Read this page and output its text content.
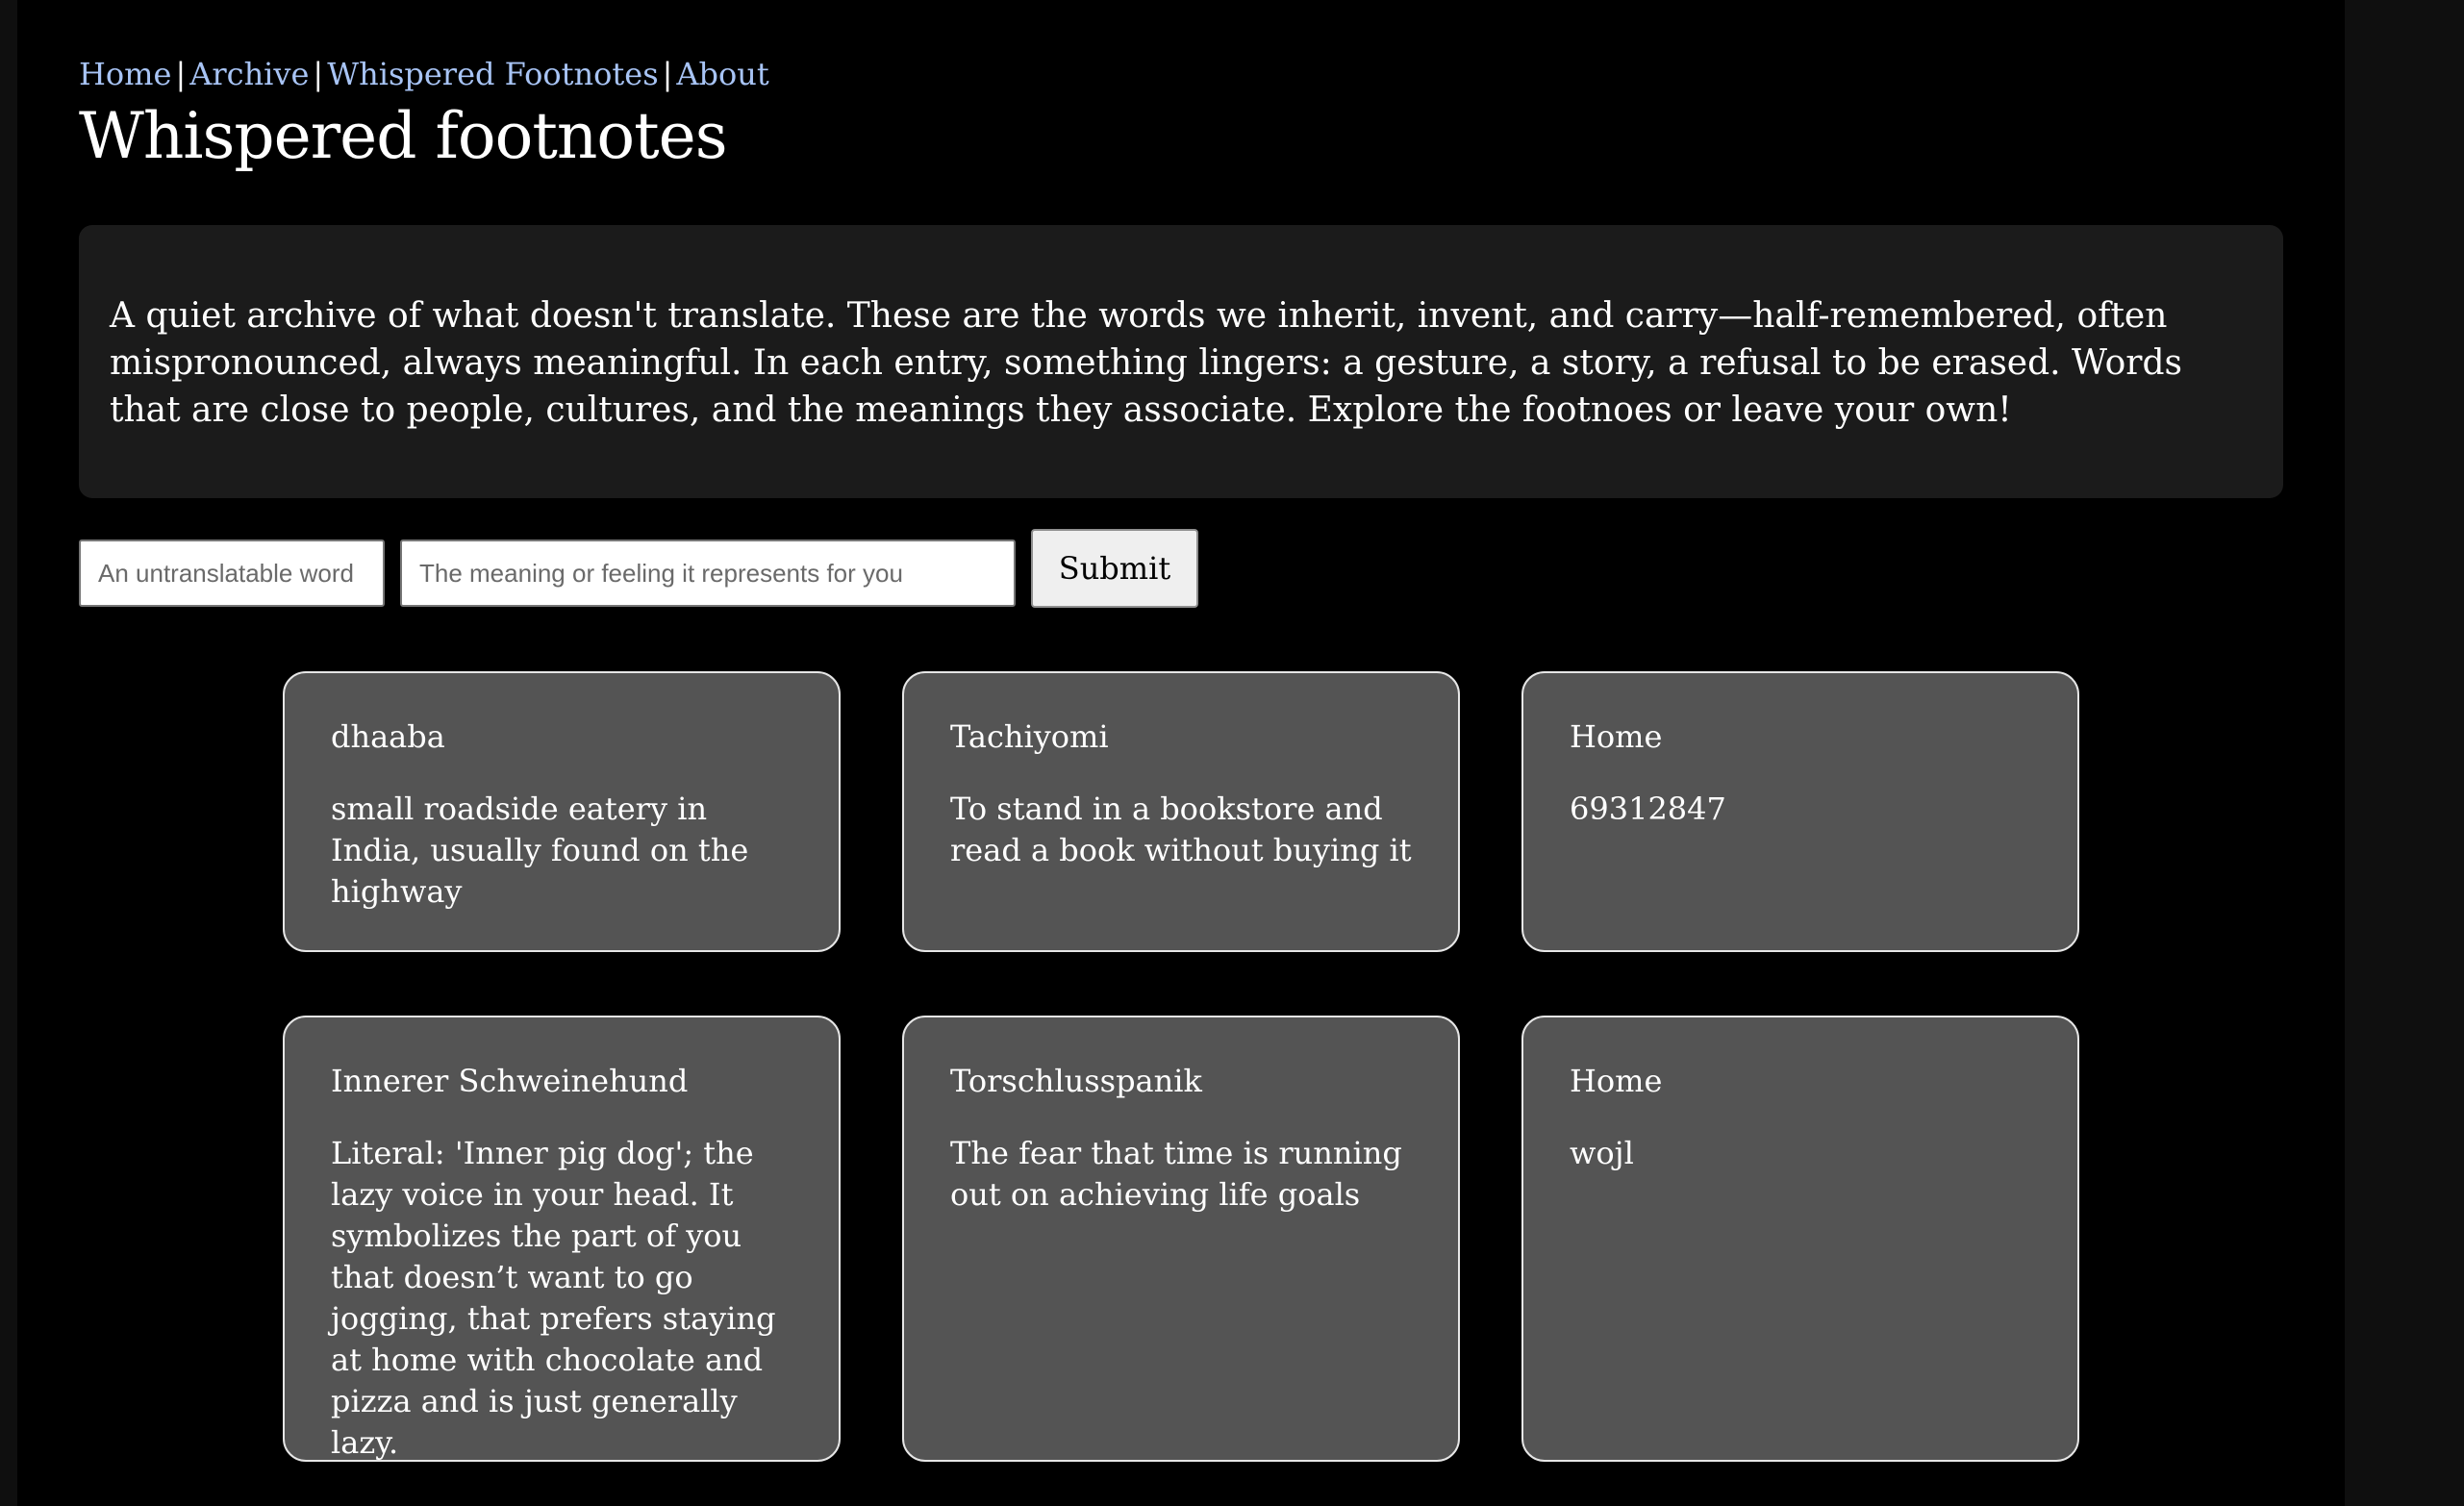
Home | Archive | Whispered Footnotes | About
Whispered footnotes
A quiet archive of what doesn't translate. These are the words we inherit, invent, and carry—half-remembered, often mispronounced, always meaningful. In each entry, something lingers: a gesture, a story, a refusal to be erased. Words that are close to people, cultures, and the meanings they associate. Explore the footnoes or leave your own!
An untranslatable word
The meaning or feeling it represents for you
Submit
dhaaba
small roadside eatery in India, usually found on the highway
Tachiyomi
To stand in a bookstore and read a book without buying it
Home
69312847
Innerer Schweinehund
Literal: 'Inner pig dog'; the lazy voice in your head. It symbolizes the part of you that doesn’t want to go jogging, that prefers staying at home with chocolate and pizza and is just generally lazy.
Torschlusspanik
The fear that time is running out on achieving life goals
Home
wojl
